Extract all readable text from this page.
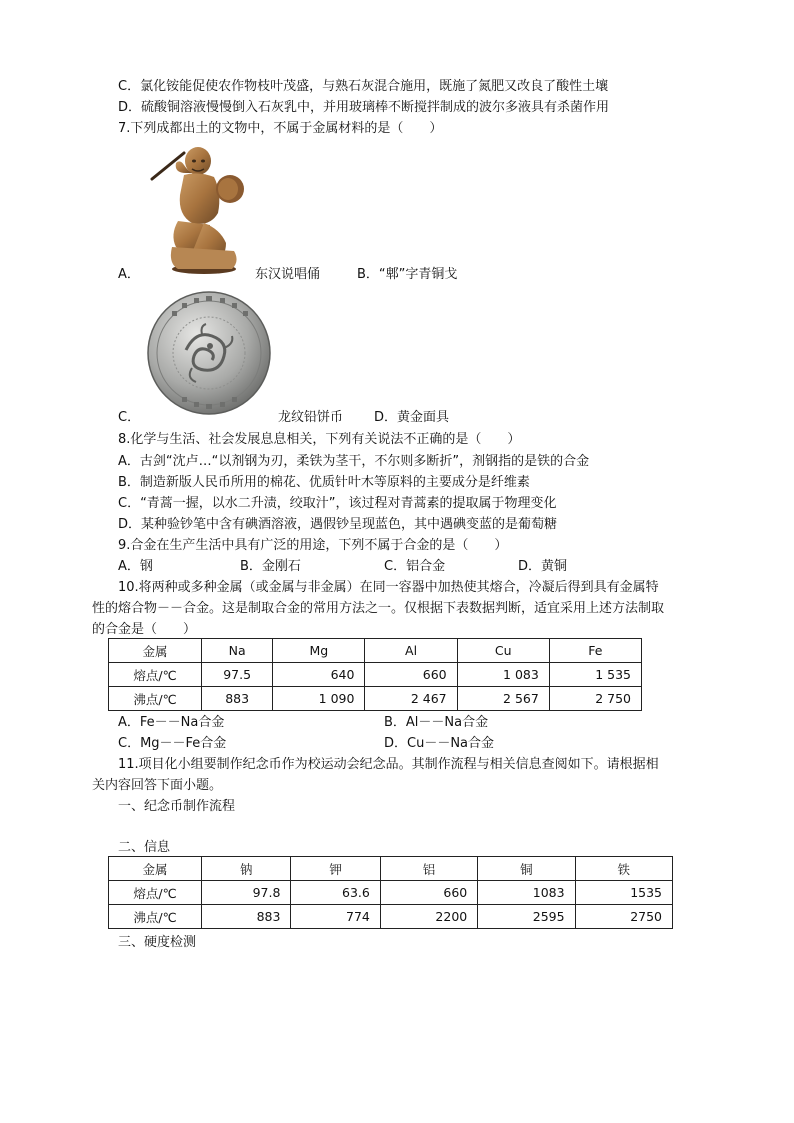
C．氯化铵能促使农作物枝叶茂盛，与熟石灰混合施用，既施了氮肥又改良了酸性土壤
D．硫酸铜溶液慢慢倒入石灰乳中，并用玻璃棒不断搅拌制成的波尔多液具有杀菌作用
7.下列成都出土的文物中，不属于金属材料的是（　　）
A．	东汉说唱俑	B．“郫”字青铜戈
C．	龙纹铅饼币 D．黄金面具
8.化学与生活、社会发展息息相关，下列有关说法不正确的是（　　）
A．古剑“沈卢…“以剂钢为刃，柔铁为茎干，不尔则多断折”，剂钢指的是铁的合金
B．制造新版人民币所用的棉花、优质针叶木等原料的主要成分是纤维素
C．“青蒿一握，以水二升渍，绞取汁”，该过程对青蒿素的提取属于物理变化
D．某种验钞笔中含有碘酒溶液，遇假钞呈现蓝色，其中遇碘变蓝的是葡萄糖
9.合金在生产生活中具有广泛的用途，下列不属于合金的是（　　）
A．钢	B．金刚石	C．铝合金	D．黄铜
10.将两种或多种金属（或金属与非金属）在同一容器中加热使其熔合，冷凝后得到具有金属特
性的熔合物－－合金。这是制取合金的常用方法之一。仅根据下表数据判断，适宜采用上述方法制取
的合金是（　　）
金属	Na	Mg	Al	Cu	Fe
熔点/℃	97.5	640	660	1 083	1 535
沸点/℃	883	1 090	2 467	2 567	2 750
A．Fe－－Na合金	B．Al－－Na合金
C．Mg－－Fe合金	D．Cu－－Na合金
11.项目化小组要制作纪念币作为校运动会纪念品。其制作流程与相关信息查阅如下。请根据相
关内容回答下面小题。
一、纪念币制作流程
二、信息
金属	钠	钾	铝	铜	铁
熔点/℃	97.8	63.6	660	1083	1535
沸点/℃	883	774	2200	2595	2750
三、硬度检测
